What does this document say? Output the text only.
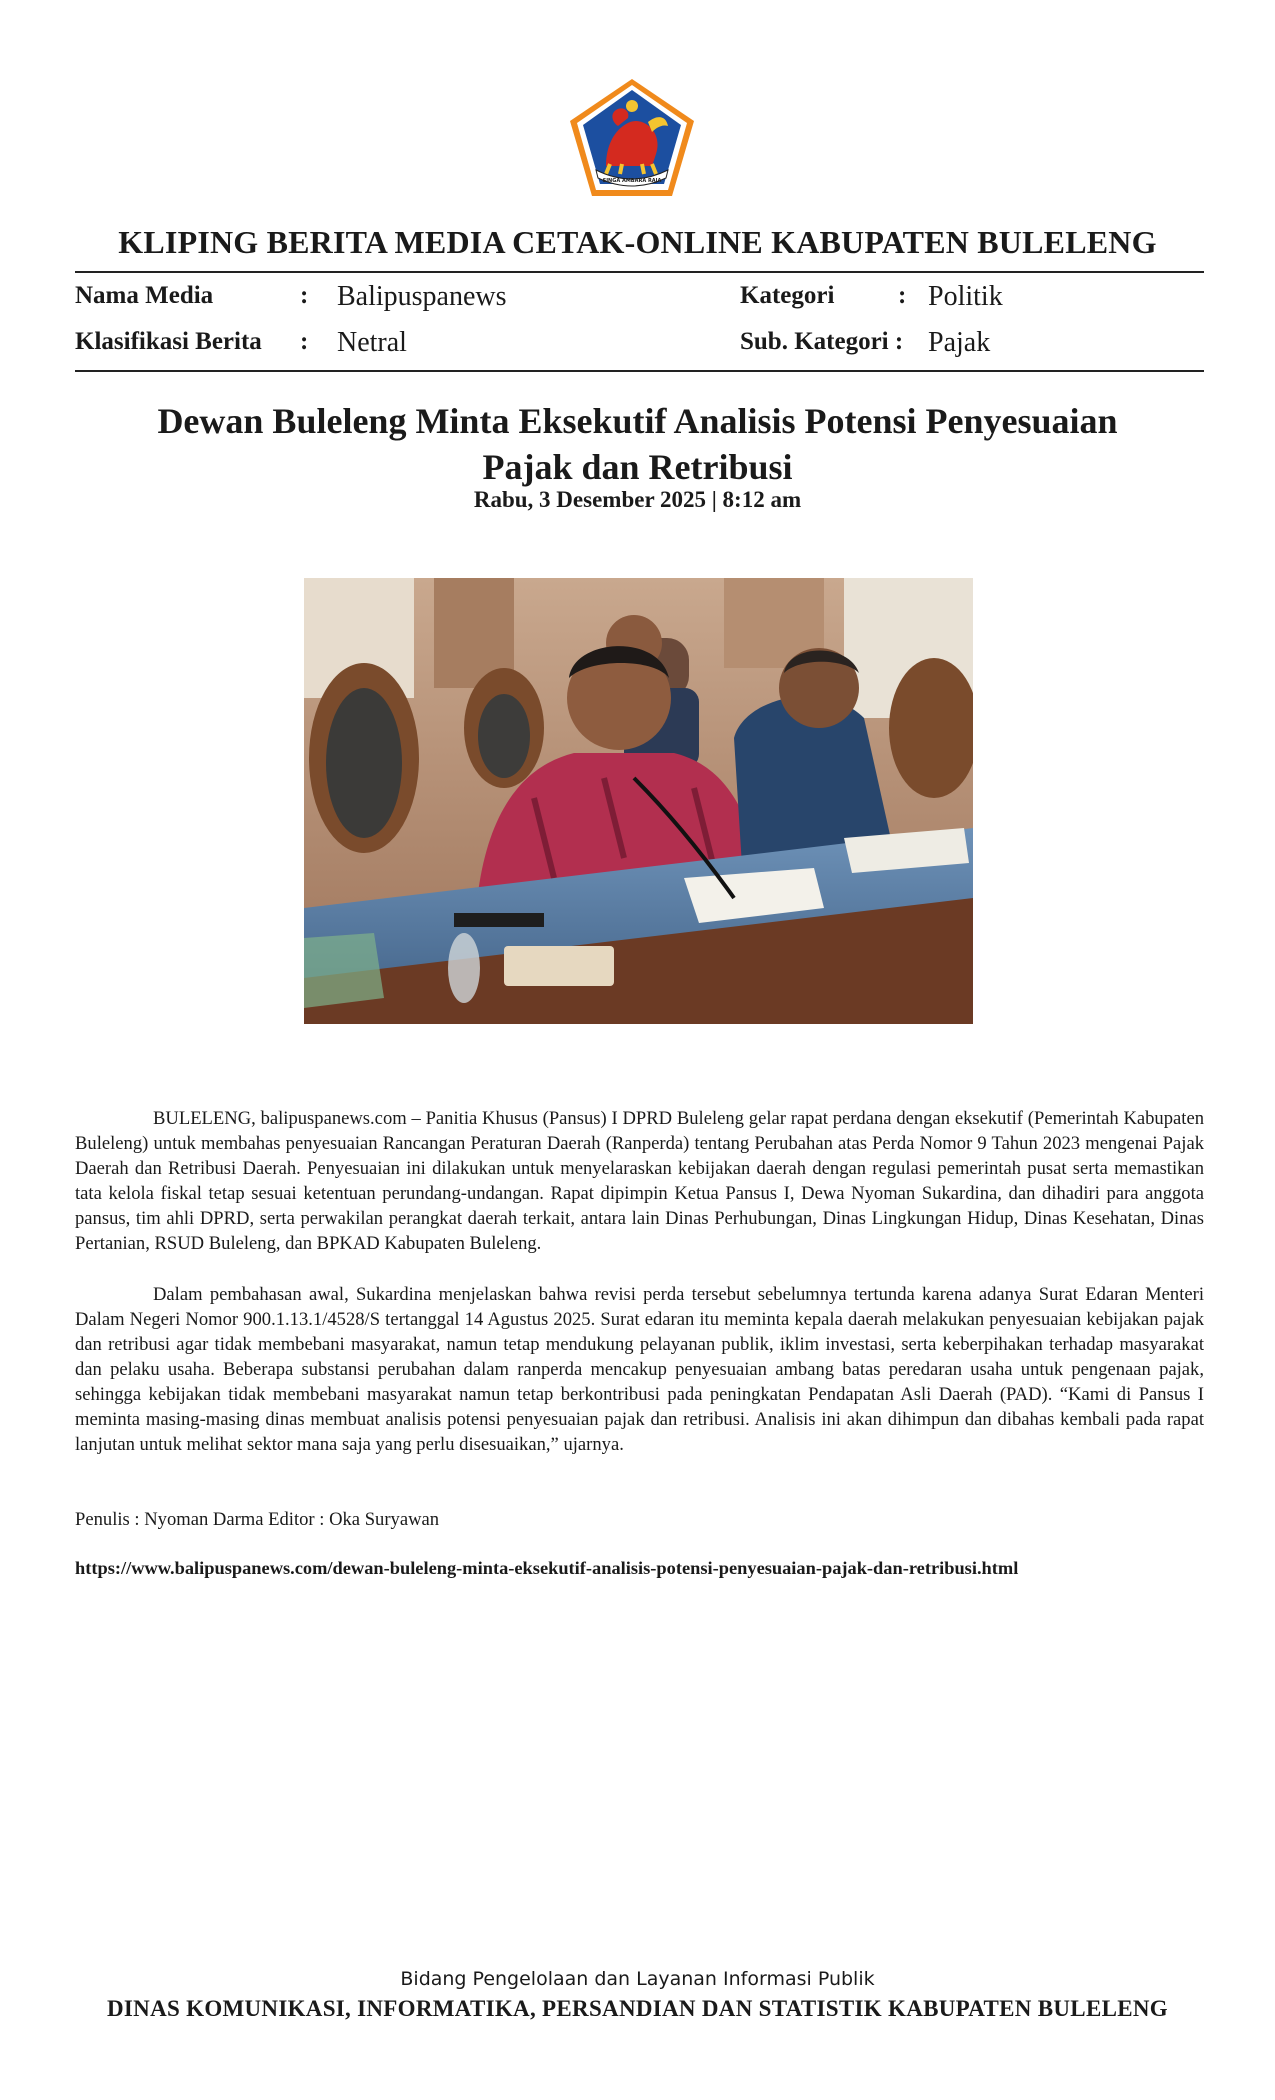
SINGA AMBARA RAJA
KLIPING BERITA MEDIA CETAK-ONLINE KABUPATEN BULELENG
Nama Media	: Balipuspanews	Kategori	: Politik
Klasifikasi Berita : Netral	Sub. Kategori : Pajak
Dewan Buleleng Minta Eksekutif Analisis Potensi Penyesuaian
Pajak dan Retribusi
Rabu, 3 Desember 2025 | 8:12 am

BULELENG, balipuspanews.com – Panitia Khusus (Pansus) I DPRD Buleleng gelar rapat perdana dengan eksekutif (Pemerintah Kabupaten Buleleng) untuk membahas penyesuaian Rancangan Peraturan Daerah (Ranperda) tentang Perubahan atas Perda Nomor 9 Tahun 2023 mengenai Pajak Daerah dan Retribusi Daerah. Penyesuaian ini dilakukan untuk menyelaraskan kebijakan daerah dengan regulasi pemerintah pusat serta memastikan tata kelola fiskal tetap sesuai ketentuan perundang-undangan. Rapat dipimpin Ketua Pansus I, Dewa Nyoman Sukardina, dan dihadiri para anggota pansus, tim ahli DPRD, serta perwakilan perangkat daerah terkait, antara lain Dinas Perhubungan, Dinas Lingkungan Hidup, Dinas Kesehatan, Dinas Pertanian, RSUD Buleleng, dan BPKAD Kabupaten Buleleng.

Dalam pembahasan awal, Sukardina menjelaskan bahwa revisi perda tersebut sebelumnya tertunda karena adanya Surat Edaran Menteri Dalam Negeri Nomor 900.1.13.1/4528/S tertanggal 14 Agustus 2025. Surat edaran itu meminta kepala daerah melakukan penyesuaian kebijakan pajak dan retribusi agar tidak membebani masyarakat, namun tetap mendukung pelayanan publik, iklim investasi, serta keberpihakan terhadap masyarakat dan pelaku usaha. Beberapa substansi perubahan dalam ranperda mencakup penyesuaian ambang batas peredaran usaha untuk pengenaan pajak, sehingga kebijakan tidak membebani masyarakat namun tetap berkontribusi pada peningkatan Pendapatan Asli Daerah (PAD). “Kami di Pansus I meminta masing-masing dinas membuat analisis potensi penyesuaian pajak dan retribusi. Analisis ini akan dihimpun dan dibahas kembali pada rapat lanjutan untuk melihat sektor mana saja yang perlu disesuaikan,” ujarnya.

Penulis : Nyoman Darma Editor : Oka Suryawan
https://www.balipuspanews.com/dewan-buleleng-minta-eksekutif-analisis-potensi-penyesuaian-pajak-dan-retribusi.html
Bidang Pengelolaan dan Layanan Informasi Publik
DINAS KOMUNIKASI, INFORMATIKA, PERSANDIAN DAN STATISTIK KABUPATEN BULELENG
